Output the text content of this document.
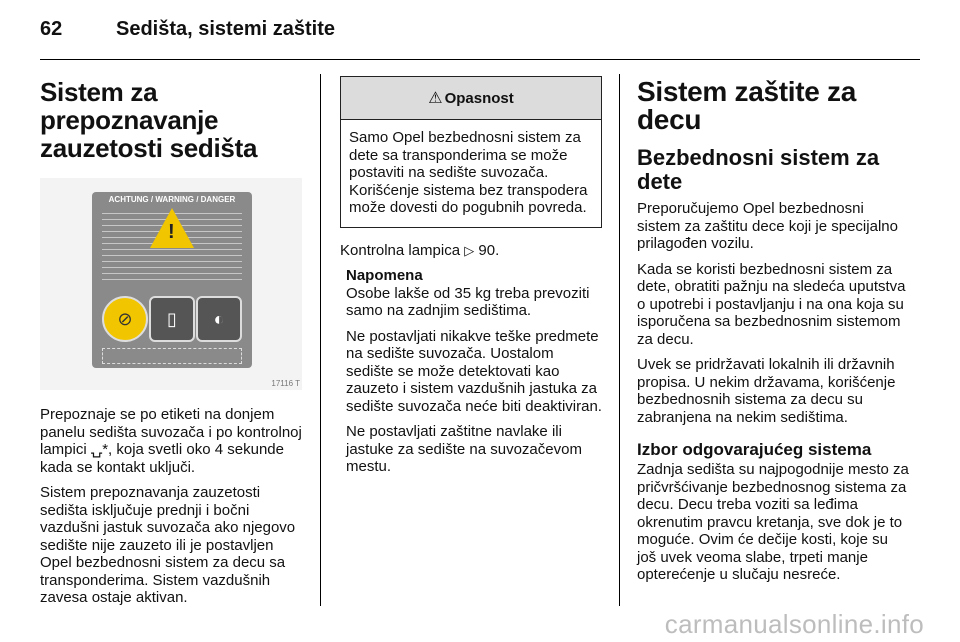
62	Sedišta, sistemi zaštite
Sistem za prepoznavanje zauzetosti sedišta
ACHTUNG / WARNING / DANGER
!
⊘	▯	◐
17116 T

Prepoznaje se po etiketi na donjem panelu sedišta suvozača i po kontrolnoj lampici ⍽*, koja svetli oko 4 sekunde kada se kontakt uključi.

Sistem prepoznavanja zauzetosti sedišta isključuje prednji i bočni vazdušni jastuk suvozača ako njegovo sedište nije zauzeto ili je postavljen Opel bezbednosni sistem za decu sa transponderima. Sistem vazdušnih zavesa ostaje aktivan.

⚠ Opasnost
Samo Opel bezbednosni sistem za dete sa transponderima se može postaviti na sedište suvozača. Korišćenje sistema bez transpodera može dovesti do pogubnih povreda.

Kontrolna lampica ▷ 90.

Napomena

Osobe lakše od 35 kg treba prevoziti samo na zadnjim sedištima.

Ne postavljati nikakve teške predmete na sedište suvozača. Uostalom sedište se može detektovati kao zauzeto i sistem vazdušnih jastuka za sedište suvozača neće biti deaktiviran.

Ne postavljati zaštitne navlake ili jastuke za sedište na suvozačevom mestu.

Sistem zaštite za decu
Bezbednosni sistem za dete

Preporučujemo Opel bezbednosni sistem za zaštitu dece koji je specijalno prilagođen vozilu.

Kada se koristi bezbednosni sistem za dete, obratiti pažnju na sledeća uputstva o upotrebi i postavljanju i na ona koja su isporučena sa bezbednosnim sistemom za decu.

Uvek se pridržavati lokalnih ili državnih propisa. U nekim državama, korišćenje bezbednosnih sistema za decu su zabranjena na nekim sedištima.

Izbor odgovarajućeg sistema

Zadnja sedišta su najpogodnije mesto za pričvršćivanje bezbednosnog sistema za decu. Decu treba voziti sa leđima okrenutim pravcu kretanja, sve dok je to moguće. Ovim će dečije kosti, koje su još uvek veoma slabe, trpeti manje opterećenje u slučaju nesreće.

carmanualsonline.info
